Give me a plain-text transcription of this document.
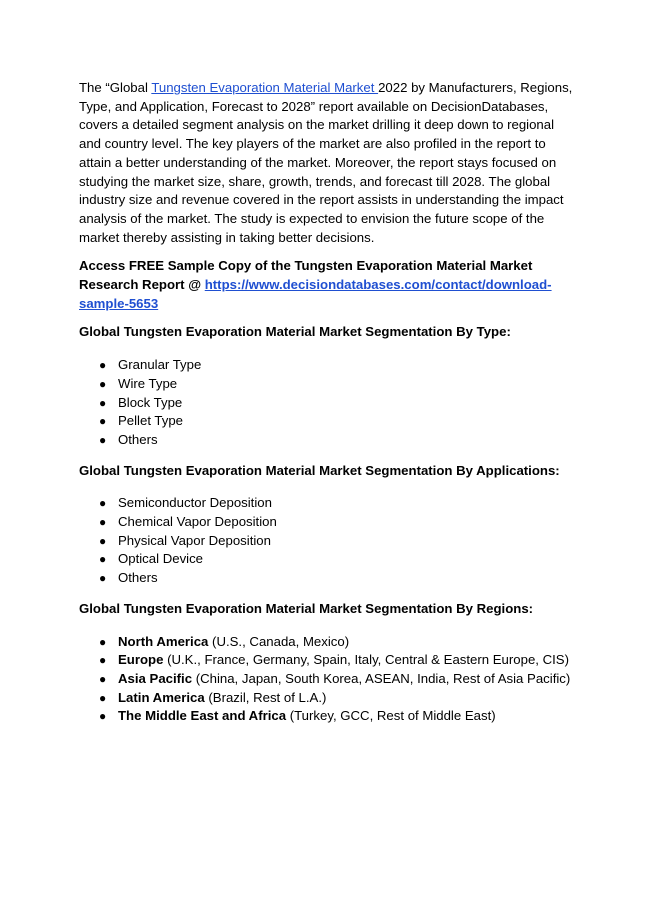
The “Global Tungsten Evaporation Material Market 2022 by Manufacturers, Regions, Type, and Application, Forecast to 2028” report available on DecisionDatabases, covers a detailed segment analysis on the market drilling it deep down to regional and country level. The key players of the market are also profiled in the report to attain a better understanding of the market. Moreover, the report stays focused on studying the market size, share, growth, trends, and forecast till 2028. The global industry size and revenue covered in the report assists in understanding the impact analysis of the market. The study is expected to envision the future scope of the market thereby assisting in taking better decisions.

Access FREE Sample Copy of the Tungsten Evaporation Material Market Research Report @ https://www.decisiondatabases.com/contact/download-sample-5653

Global Tungsten Evaporation Material Market Segmentation By Type:

● Granular Type
● Wire Type
● Block Type
● Pellet Type
● Others

Global Tungsten Evaporation Material Market Segmentation By Applications:

● Semiconductor Deposition
● Chemical Vapor Deposition
● Physical Vapor Deposition
● Optical Device
● Others

Global Tungsten Evaporation Material Market Segmentation By Regions:

● North America (U.S., Canada, Mexico)
● Europe (U.K., France, Germany, Spain, Italy, Central & Eastern Europe, CIS)
● Asia Pacific (China, Japan, South Korea, ASEAN, India, Rest of Asia Pacific)
● Latin America (Brazil, Rest of L.A.)
● The Middle East and Africa (Turkey, GCC, Rest of Middle East)
